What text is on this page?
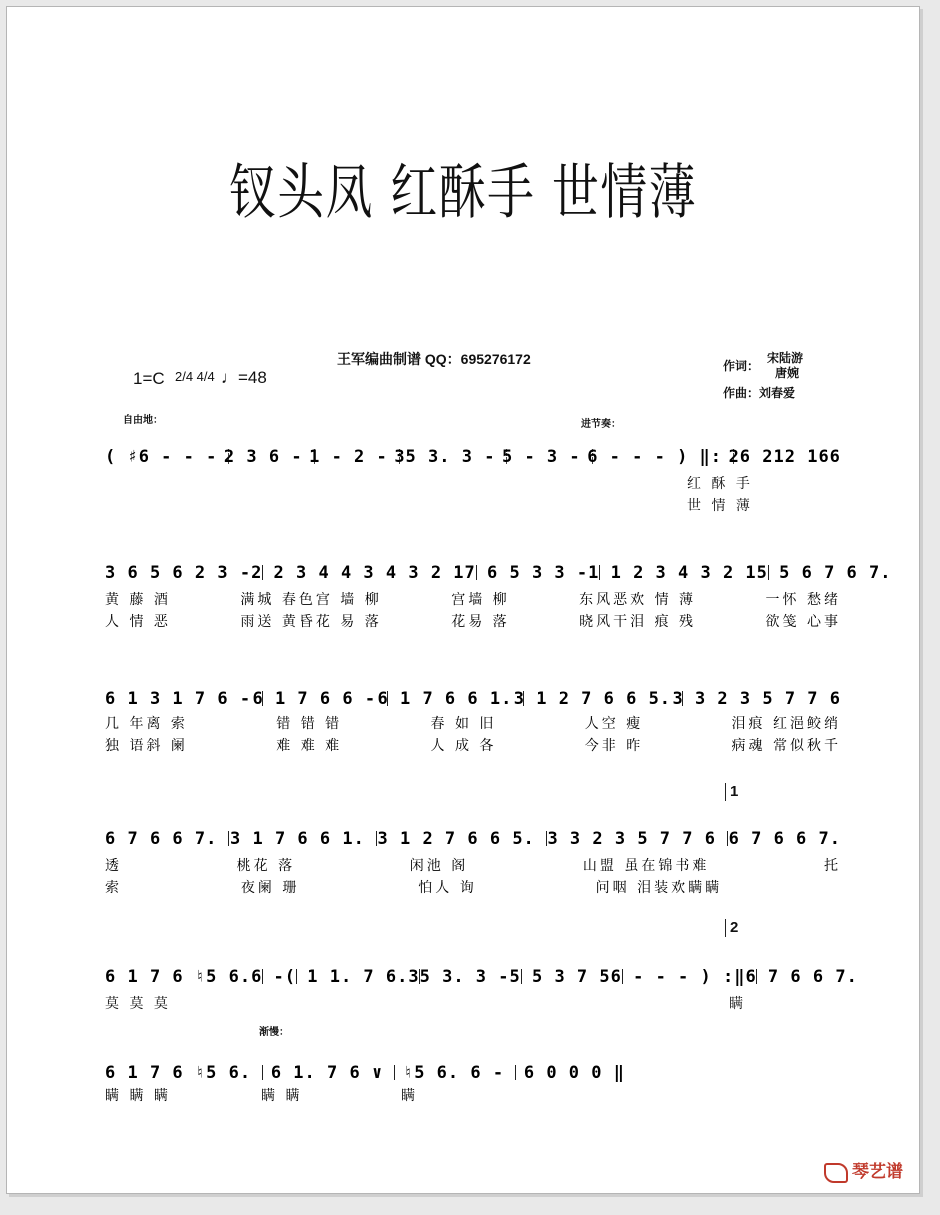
钗头凤 红酥手 世情薄
1=C 2/4 4/4 ♩=48
王军编曲制谱 QQ：695276172	作词：
宋陆游
唐婉
作曲：刘春爱
自由地：	进节奏：
渐慢：
1
2
( ♯6 - - - 2 3 6 - 1 - 2 - 35 3. 3 - 5 - 3 - 6 - - - ) ‖: 26 212 166
红 酥 手
世 情 薄
3 6 5 6 2 3 - 2 2 3 4 4 3 4 3 2 1 7 6 5 3 3 - 1 1 2 3 4 3 2 1 5 5 6 7 6 7.
黄 藤 酒	满城 春色宫 墙 柳	宫墙 柳	东风恶欢 情 薄	一怀 愁绪
人 情 恶	雨送 黄昏花 易 落	花易 落	晓风干泪 痕 残	欲笺 心事
6 1 3 1 7 6 - 6 1 7 6 6 - 6 1 7 6 6 1. 3 1 2 7 6 6 5. 3 3 2 3 5 7 7 6
几 年离 索	错 错 错	春 如 旧	人空 瘦	泪痕 红浥鲛绡
独 语斜 阑	难 难 难	人 成 各	今非 昨	病魂 常似秋千
6 7 6 6 7. 3 1 7 6 6 1. 3 1 2 7 6 6 5. 3 3 2 3 5 7 7 6 6 7 6 6 7.
透	桃花 落	闲池 阁	山盟 虽在锦书难	托
索	夜阑 珊	怕人 询	问咽 泪装欢瞒瞒
6 1 7 6 ♮5 6. 6 - ( 1 1. 7 6. 35 3. 3 - 5 5 3 7 5 6 - - - ) :‖ 6 7 6 6 7.
莫 莫 莫	瞒
6 1 7 6 ♮5 6. 6 1. 7 6 ∨ ♮5 6. 6 - 6 0 0 0 ‖
瞒 瞒 瞒	瞒 瞒	瞒
琴艺谱
